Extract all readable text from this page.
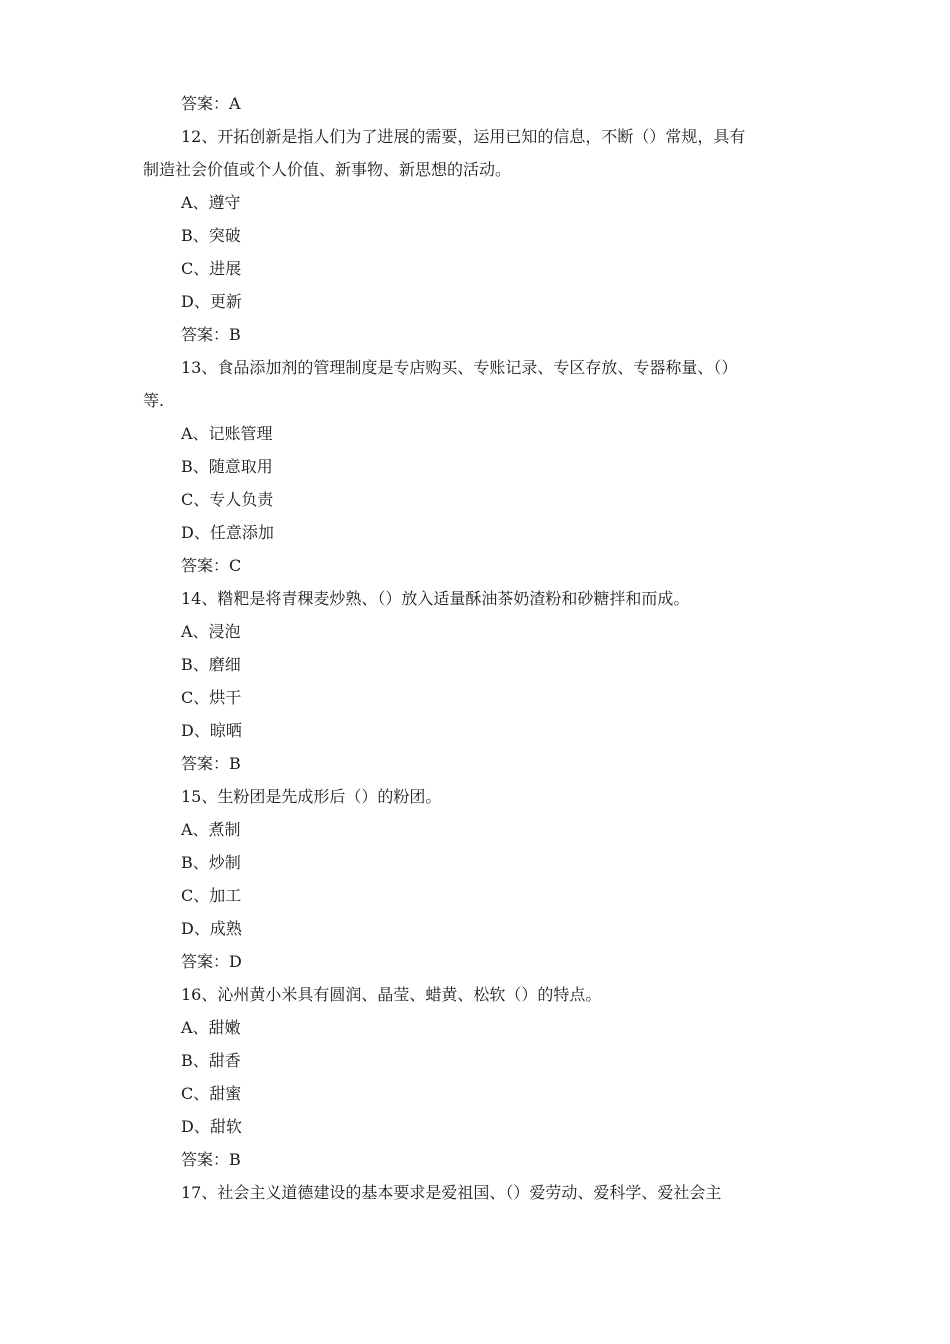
答案：A
12、开拓创新是指人们为了进展的需要，运用已知的信息，不断（）常规，具有
制造社会价值或个人价值、新事物、新思想的活动。
A、遵守
B、突破
C、进展
D、更新
答案：B
13、食品添加剂的管理制度是专店购买、专账记录、专区存放、专器称量、（）
等.
A、记账管理
B、随意取用
C、专人负责
D、任意添加
答案：C
14、糌粑是将青稞麦炒熟、（）放入适量酥油茶奶渣粉和砂糖拌和而成。
A、浸泡
B、磨细
C、烘干
D、晾晒
答案：B
15、生粉团是先成形后（）的粉团。
A、煮制
B、炒制
C、加工
D、成熟
答案：D
16、沁州黄小米具有圆润、晶莹、蜡黄、松软（）的特点。
A、甜嫩
B、甜香
C、甜蜜
D、甜软
答案：B
17、社会主义道德建设的基本要求是爱祖国、（）爱劳动、爱科学、爱社会主
